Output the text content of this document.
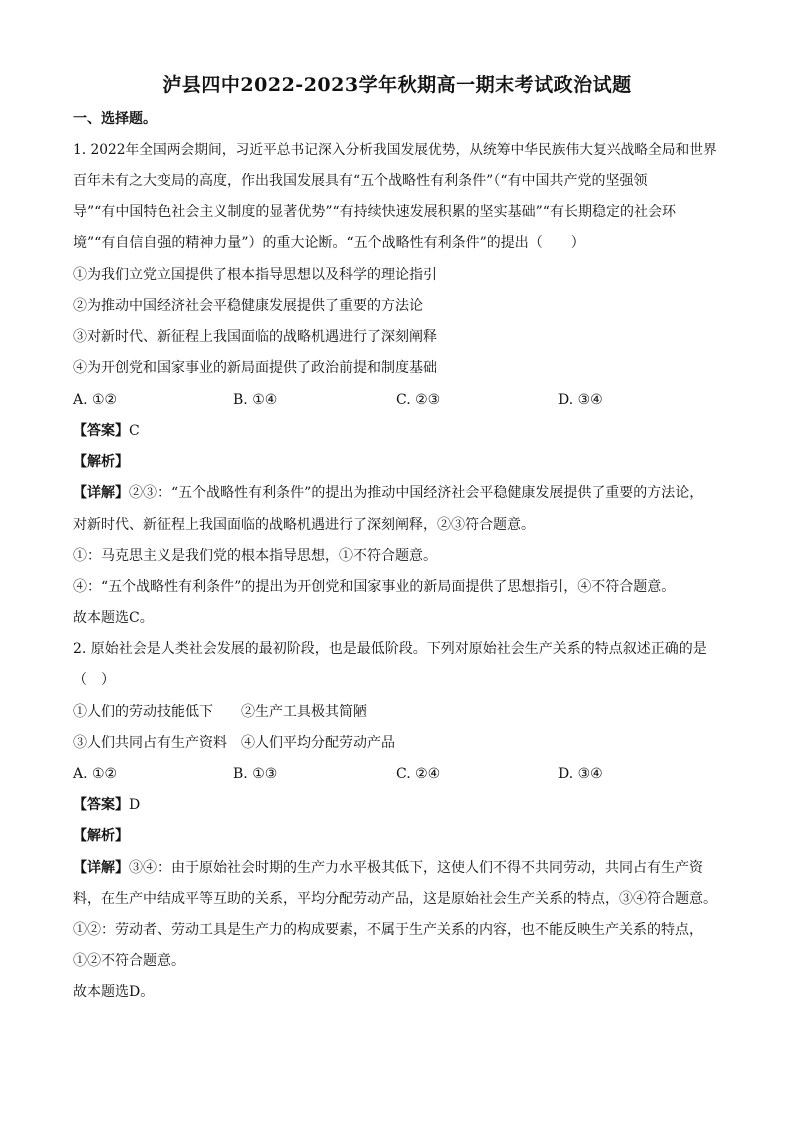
泸县四中2022-2023学年秋期高一期末考试政治试题
一、选择题。
1. 2022年全国两会期间，习近平总书记深入分析我国发展优势，从统筹中华民族伟大复兴战略全局和世界
百年未有之大变局的高度，作出我国发展具有“五个战略性有利条件”（“有中国共产党的坚强领
导”“有中国特色社会主义制度的显著优势”“有持续快速发展积累的坚实基础”“有长期稳定的社会环
境”“有自信自强的精神力量”）的重大论断。“五个战略性有利条件”的提出（　　）
①为我们立党立国提供了根本指导思想以及科学的理论指引
②为推动中国经济社会平稳健康发展提供了重要的方法论
③对新时代、新征程上我国面临的战略机遇进行了深刻阐释
④为开创党和国家事业的新局面提供了政治前提和制度基础
A. ①②	B. ①④	C. ②③	D. ③④
【答案】C
【解析】
【详解】②③：“五个战略性有利条件”的提出为推动中国经济社会平稳健康发展提供了重要的方法论，
对新时代、新征程上我国面临的战略机遇进行了深刻阐释，②③符合题意。
①：马克思主义是我们党的根本指导思想，①不符合题意。
④：“五个战略性有利条件”的提出为开创党和国家事业的新局面提供了思想指引，④不符合题意。
故本题选C。
2. 原始社会是人类社会发展的最初阶段，也是最低阶段。下列对原始社会生产关系的特点叙述正确的是
（　）
①人们的劳动技能低下　　②生产工具极其简陋
③人们共同占有生产资料　④人们平均分配劳动产品
A. ①②	B. ①③	C. ②④	D. ③④
【答案】D
【解析】
【详解】③④：由于原始社会时期的生产力水平极其低下，这使人们不得不共同劳动，共同占有生产资
料，在生产中结成平等互助的关系，平均分配劳动产品，这是原始社会生产关系的特点，③④符合题意。
①②：劳动者、劳动工具是生产力的构成要素，不属于生产关系的内容，也不能反映生产关系的特点，
①②不符合题意。
故本题选D。
